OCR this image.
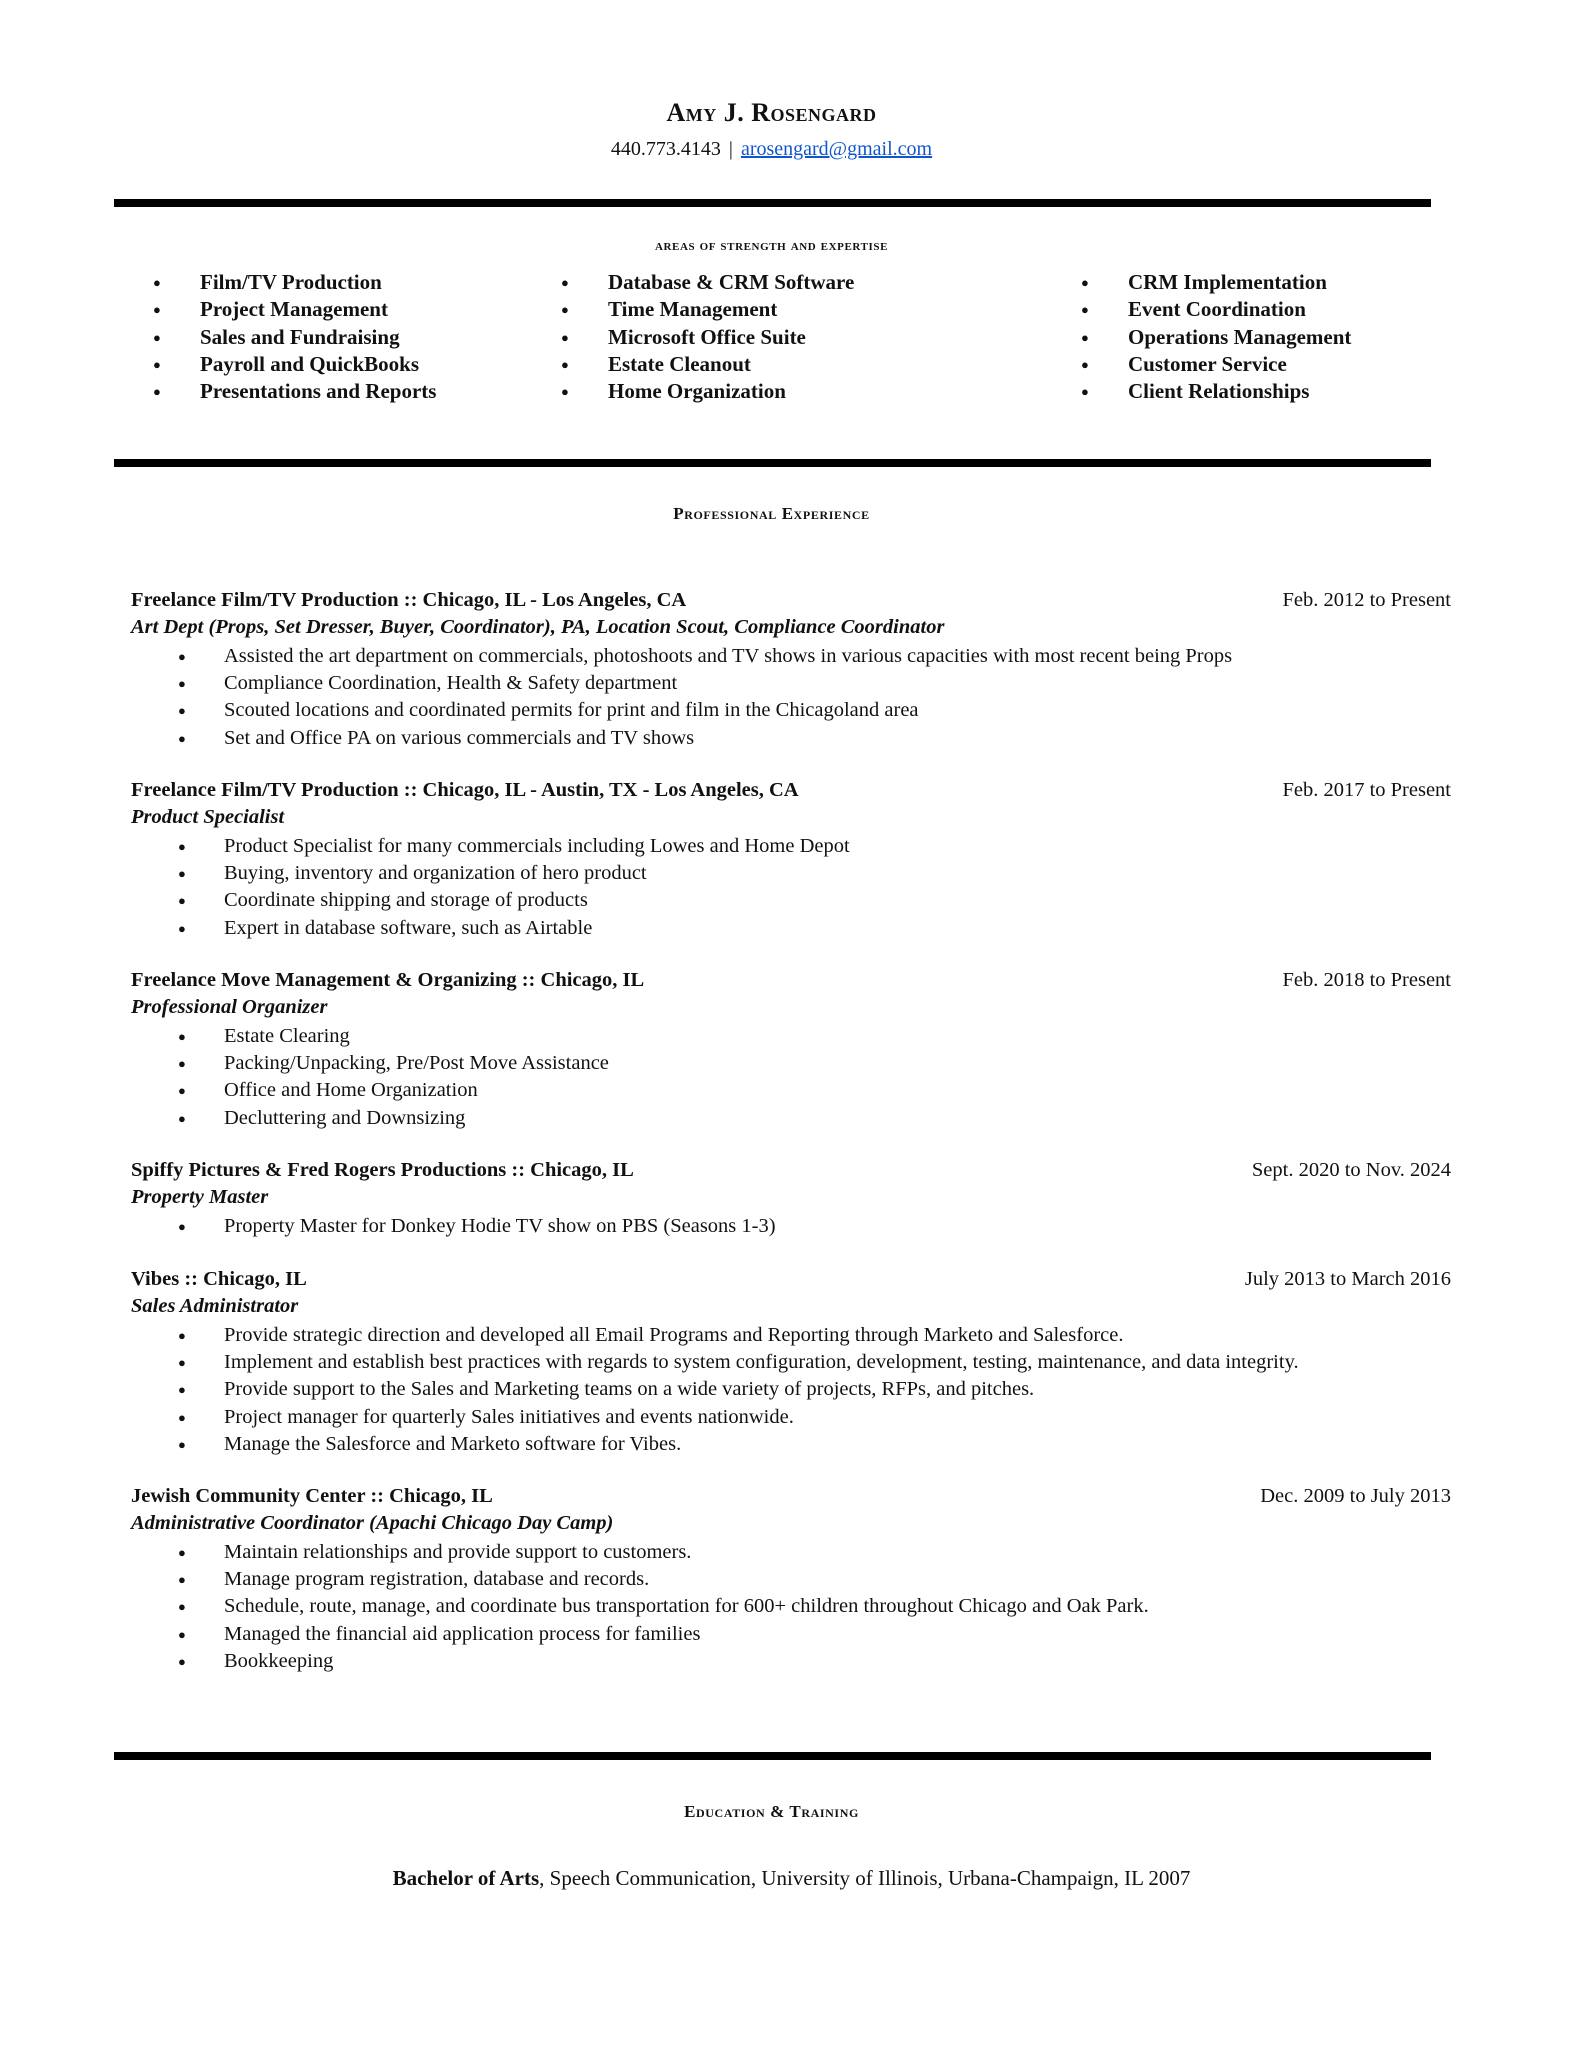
Amy J. Rosengard
440.773.4143 | arosengard@gmail.com
areas of strength and expertise
● Film/TV Production
● Project Management
● Sales and Fundraising
● Payroll and QuickBooks
● Presentations and Reports
● Database & CRM Software
● Time Management
● Microsoft Office Suite
● Estate Cleanout
● Home Organization
● CRM Implementation
● Event Coordination
● Operations Management
● Customer Service
● Client Relationships
Professional Experience
Freelance Film/TV Production :: Chicago, IL - Los Angeles, CA	Feb. 2012 to Present
Art Dept (Props, Set Dresser, Buyer, Coordinator), PA, Location Scout, Compliance Coordinator
● Assisted the art department on commercials, photoshoots and TV shows in various capacities with most recent being Props
● Compliance Coordination, Health & Safety department
● Scouted locations and coordinated permits for print and film in the Chicagoland area
● Set and Office PA on various commercials and TV shows
Freelance Film/TV Production :: Chicago, IL - Austin, TX - Los Angeles, CA	Feb. 2017 to Present
Product Specialist
● Product Specialist for many commercials including Lowes and Home Depot
● Buying, inventory and organization of hero product
● Coordinate shipping and storage of products
● Expert in database software, such as Airtable
Freelance Move Management & Organizing :: Chicago, IL	Feb. 2018 to Present
Professional Organizer
● Estate Clearing
● Packing/Unpacking, Pre/Post Move Assistance
● Office and Home Organization
● Decluttering and Downsizing
Spiffy Pictures & Fred Rogers Productions :: Chicago, IL	Sept. 2020 to Nov. 2024
Property Master
● Property Master for Donkey Hodie TV show on PBS (Seasons 1-3)
Vibes :: Chicago, IL	July 2013 to March 2016
Sales Administrator
● Provide strategic direction and developed all Email Programs and Reporting through Marketo and Salesforce.
● Implement and establish best practices with regards to system configuration, development, testing, maintenance, and data integrity.
● Provide support to the Sales and Marketing teams on a wide variety of projects, RFPs, and pitches.
● Project manager for quarterly Sales initiatives and events nationwide.
● Manage the Salesforce and Marketo software for Vibes.
Jewish Community Center :: Chicago, IL	Dec. 2009 to July 2013
Administrative Coordinator (Apachi Chicago Day Camp)
● Maintain relationships and provide support to customers.
● Manage program registration, database and records.
● Schedule, route, manage, and coordinate bus transportation for 600+ children throughout Chicago and Oak Park.
● Managed the financial aid application process for families
● Bookkeeping
Education & Training
Bachelor of Arts, Speech Communication, University of Illinois, Urbana-Champaign, IL 2007
